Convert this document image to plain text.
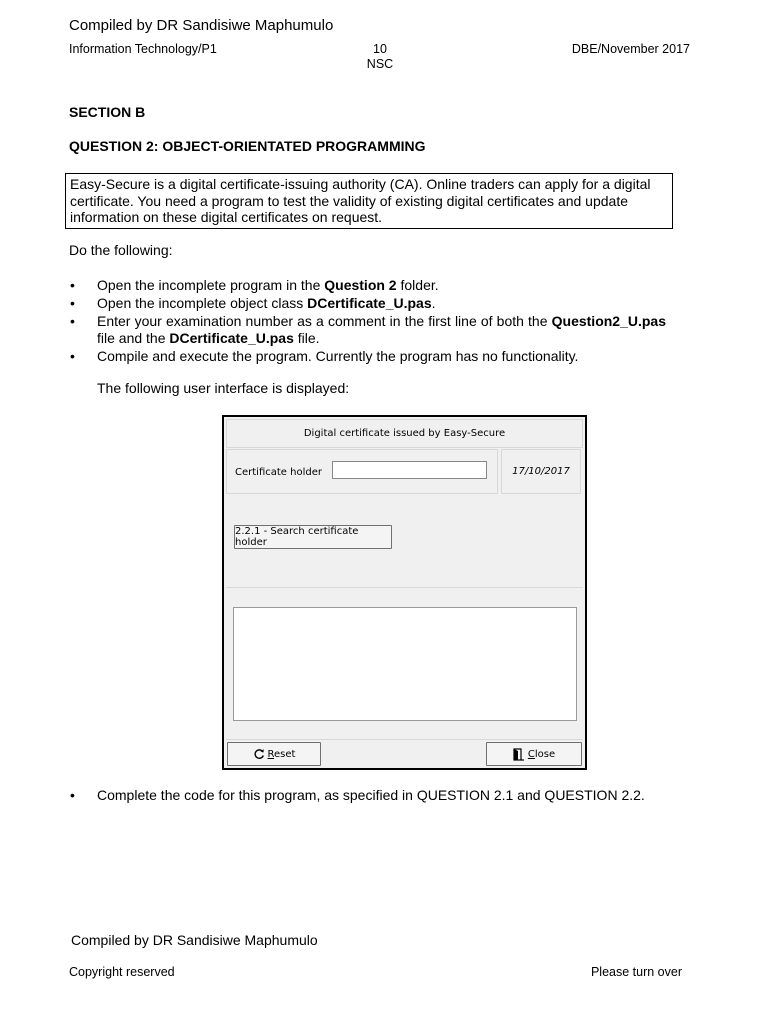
Compiled by DR Sandisiwe Maphumulo
Information Technology/P1	10
NSC
DBE/November 2017
SECTION B
QUESTION 2: OBJECT-ORIENTATED PROGRAMMING
Easy-Secure is a digital certificate-issuing authority (CA). Online traders can apply for a digital certificate. You need a program to test the validity of existing digital certificates and update information on these digital certificates on request.
Do the following:
• Open the incomplete program in the Question 2 folder.
• Open the incomplete object class DCertificate_U.pas.
• Enter your examination number as a comment in the first line of both the Question2_U.pas file and the DCertificate_U.pas file.
• Compile and execute the program. Currently the program has no functionality.
The following user interface is displayed:
Digital certificate issued by Easy-Secure
Certificate holder	17/10/2017
2.2.1 - Search certificate holder
Reset	Close
• Complete the code for this program, as specified in QUESTION 2.1 and QUESTION 2.2.
Compiled by DR Sandisiwe Maphumulo
Copyright reserved	Please turn over
